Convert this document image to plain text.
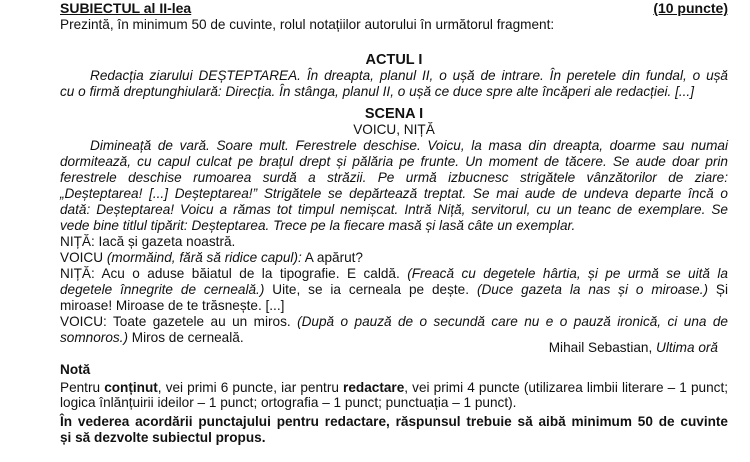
SUBIECTUL al II-lea	(10 puncte)
Prezintă, în minimum 50 de cuvinte, rolul notațiilor autorului în următorul fragment:
ACTUL I
Redacția ziarului DEȘTEPTAREA. În dreapta, planul II, o ușă de intrare. În peretele din fundal, o ușă
cu o firmă dreptunghiulară: Direcția. În stânga, planul II, o ușă ce duce spre alte încăperi ale redacției. [...]
SCENA I
VOICU, NIȚĂ
Dimineață de vară. Soare mult. Ferestrele deschise. Voicu, la masa din dreapta, doarme sau numai
dormitează, cu capul culcat pe brațul drept și pălăria pe frunte. Un moment de tăcere. Se aude doar prin
ferestrele deschise rumoarea surdă a străzii. Pe urmă izbucnesc strigătele vânzătorilor de ziare:
„Deșteptarea! [...] Deșteptarea!” Strigătele se depărtează treptat. Se mai aude de undeva departe încă o
dată: Deșteptarea! Voicu a rămas tot timpul nemișcat. Intră Niță, servitorul, cu un teanc de exemplare. Se
vede bine titlul tipărit: Deșteptarea. Trece pe la fiecare masă și lasă câte un exemplar.
NIȚĂ: Iacă și gazeta noastră.
VOICU (mormăind, fără să ridice capul): A apărut?
NIȚĂ: Acu o aduse băiatul de la tipografie. E caldă. (Freacă cu degetele hârtia, și pe urmă se uită la
degetele înnegrite de cerneală.) Uite, se ia cerneala pe dește. (Duce gazeta la nas și o miroase.) Și
miroase! Miroase de te trăsnește. [...]
VOICU: Toate gazetele au un miros. (După o pauză de o secundă care nu e o pauză ironică, ci una de
somnoros.) Miros de cerneală.
Mihail Sebastian, Ultima oră
Notă
Pentru conținut, vei primi 6 puncte, iar pentru redactare, vei primi 4 puncte (utilizarea limbii literare – 1 punct;
logica înlănțuirii ideilor – 1 punct; ortografia – 1 punct; punctuația – 1 punct).
În vederea acordării punctajului pentru redactare, răspunsul trebuie să aibă minimum 50 de cuvinte
și să dezvolte subiectul propus.
